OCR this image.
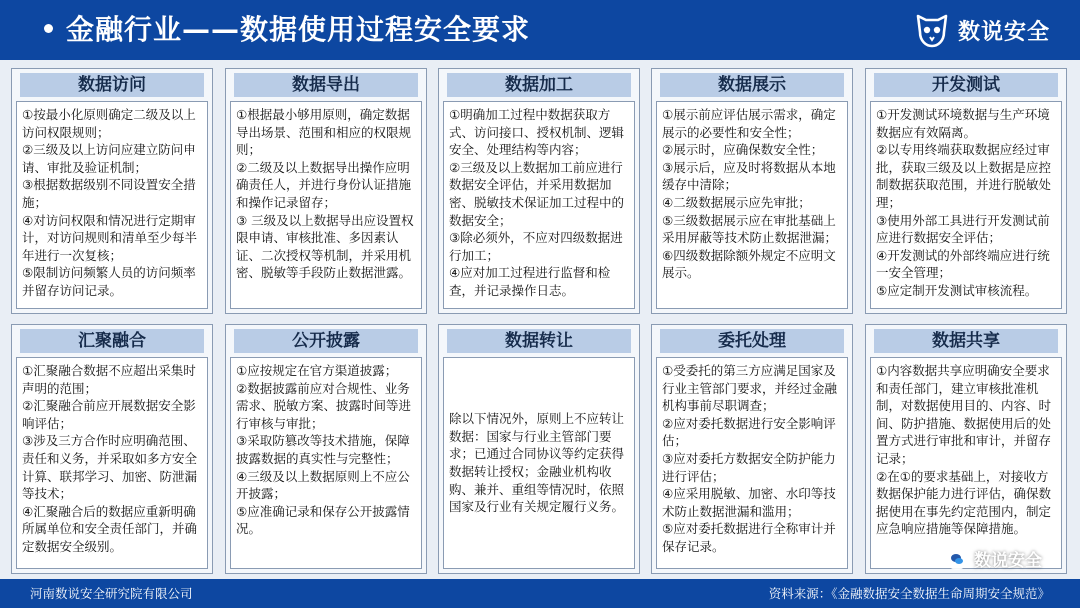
金融行业——数据使用过程安全要求	数说安全
数据访问

①按最小化原则确定二级及以上访问权限规则；

②三级及以上访问应建立防问申请、审批及验证机制；

③根据数据级别不同设置安全措施；

④对访问权限和情况进行定期审计，对访问规则和清单至少每半年进行一次复核；

⑤限制访问频繁人员的访问频率并留存访问记录。

数据导出

①根据最小够用原则，确定数据导出场景、范围和相应的权限规则；

②二级及以上数据导出操作应明确责任人，并进行身份认证措施和操作记录留存；

③ 三级及以上数据导出应设置权限申请、审核批准、多因素认证、二次授权等机制，并采用机密、脱敏等手段防止数据泄露。

数据加工

①明确加工过程中数据获取方式、访问接口、授权机制、逻辑安全、处理结构等内容；

②三级及以上数据加工前应进行数据安全评估，并采用数据加密、脱敏技术保证加工过程中的数据安全；

③除必须外，不应对四级数据进行加工；

④应对加工过程进行监督和检查，并记录操作日志。

数据展示

①展示前应评估展示需求，确定展示的必要性和安全性；

②展示时，应确保数安全性；

③展示后，应及时将数据从本地缓存中清除；

④二级数据展示应先审批；

⑤三级数据展示应在审批基础上采用屏蔽等技术防止数据泄漏；

⑥四级数据除额外规定不应明文展示。

开发测试

①开发测试环境数据与生产环境数据应有效隔离。

②以专用终端获取数据应经过审批，获取三级及以上数据是应控制数据获取范围，并进行脱敏处理；

③使用外部工具进行开发测试前应进行数据安全评估；

④开发测试的外部终端应进行统一安全管理；

⑤应定制开发测试审核流程。

汇聚融合

①汇聚融合数据不应超出采集时声明的范围；

②汇聚融合前应开展数据安全影响评估；

③涉及三方合作时应明确范围、责任和义务，并采取如多方安全计算、联邦学习、加密、防泄漏等技术；

④汇聚融合后的数据应重新明确所属单位和安全责任部门，并确定数据安全级别。

公开披露

①应按规定在官方渠道披露；

②数据披露前应对合规性、业务需求、脱敏方案、披露时间等进行审核与审批；

③采取防篡改等技术措施，保障披露数据的真实性与完整性；

④三级及以上数据原则上不应公开披露；

⑤应准确记录和保存公开披露情况。

数据转让

除以下情况外，原则上不应转让数据：国家与行业主管部门要求；已通过合同协议等约定获得数据转让授权；金融业机构收购、兼并、重组等情况时，依照国家及行业有关规定履行义务。

委托处理

①受委托的第三方应满足国家及行业主管部门要求，并经过金融机构事前尽职调查；

②应对委托数据进行安全影响评估；

③应对委托方数据安全防护能力进行评估；

④应采用脱敏、加密、水印等技术防止数据泄漏和滥用；

⑤应对委托数据进行全称审计并保存记录。

数据共享

①内容数据共享应明确安全要求和责任部门，建立审核批准机制，对数据使用目的、内容、时间、防护措施、数据使用后的处置方式进行审批和审计，并留存记录；

②在①的要求基础上，对接收方数据保护能力进行评估，确保数据使用在事先约定范围内，制定应急响应措施等保障措施。

河南数说安全研究院有限公司	资料来源：《金融数据安全数据生命周期安全规范》
数说安全
